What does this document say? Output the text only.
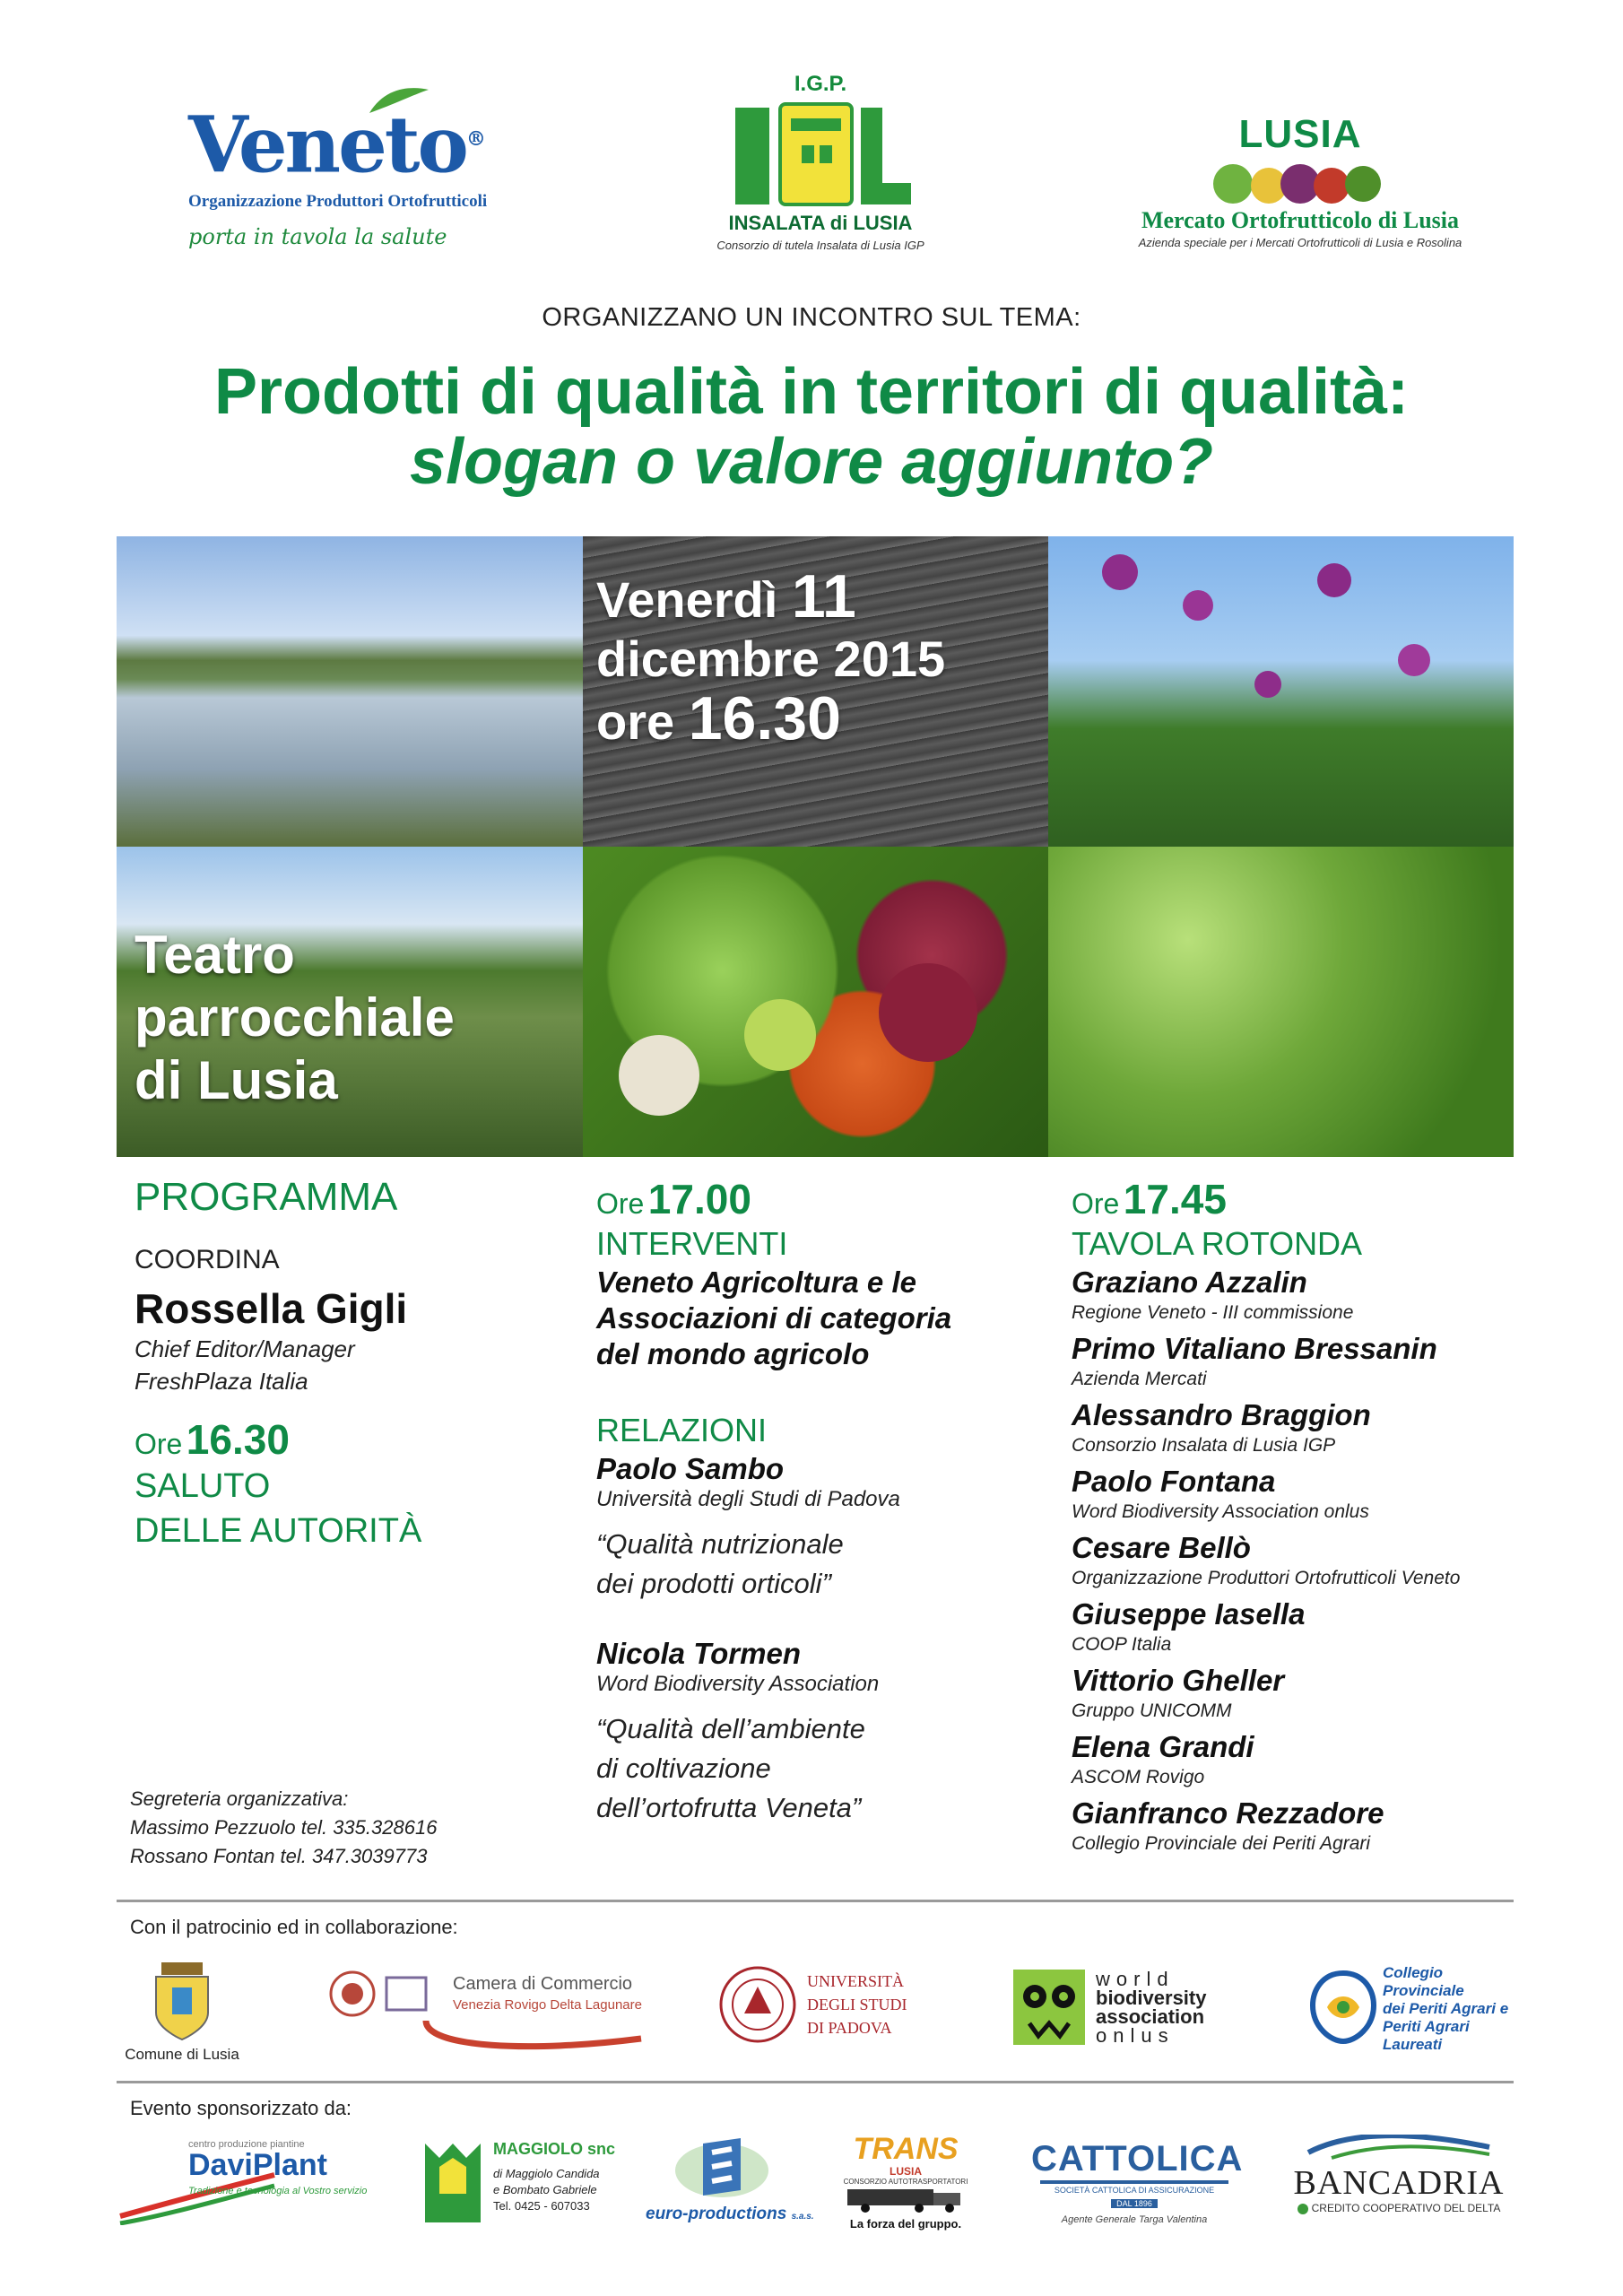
Veneto®
Organizzazione Produttori Ortofrutticoli
porta in tavola la salute
I.G.P.
INSALATA di LUSIA
Consorzio di tutela Insalata di Lusia IGP
LUSIA
Mercato Ortofrutticolo di Lusia
Azienda speciale per i Mercati Ortofrutticoli di Lusia e Rosolina
ORGANIZZANO UN INCONTRO SUL TEMA:
Prodotti di qualità in territori di qualità:
slogan o valore aggiunto?
Venerdì 11
dicembre 2015
ore 16.30
Teatro
parrocchiale
di Lusia
PROGRAMMA
COORDINA
Rossella Gigli
Chief Editor/Manager
FreshPlaza Italia
Ore 16.30
SALUTO
DELLE AUTORITÀ
Ore 17.00
INTERVENTI
Veneto Agricoltura e le
Associazioni di categoria
del mondo agricolo
RELAZIONI
Paolo Sambo
Università degli Studi di Padova
“Qualità nutrizionale
dei prodotti orticoli”
Nicola Tormen
Word Biodiversity Association
“Qualità dell’ambiente
di coltivazione
dell’ortofrutta Veneta”
Ore 17.45
TAVOLA ROTONDA
Graziano Azzalin
Regione Veneto - III commissione
Primo Vitaliano Bressanin
Azienda Mercati
Alessandro Braggion
Consorzio Insalata di Lusia IGP
Paolo Fontana
Word Biodiversity Association onlus
Cesare Bellò
Organizzazione Produttori Ortofrutticoli Veneto
Giuseppe Iasella
COOP Italia
Vittorio Gheller
Gruppo UNICOMM
Elena Grandi
ASCOM Rovigo
Gianfranco Rezzadore
Collegio Provinciale dei Periti Agrari
Segreteria organizzativa:
Massimo Pezzuolo tel. 335.328616
Rossano Fontan tel. 347.3039773
Con il patrocinio ed in collaborazione:
Comune di Lusia
Camera di Commercio
Venezia Rovigo Delta Lagunare
UNIVERSITÀ
DEGLI STUDI
DI PADOVA
world
biodiversity
association
onlus
Collegio
Provinciale
dei Periti Agrari e
Periti Agrari
Laureati
Evento sponsorizzato da:
centro produzione piantine
DaviPlant
Tradizione e tecnologia al Vostro servizio
MAGGIOLO snc
di Maggiolo Candida
e Bombato Gabriele
Tel. 0425 - 607033	euro-productions s.a.s.
TRANS
LUSIA
CONSORZIO AUTOTRASPORTATORI
La forza del gruppo.
CATTOLICA
SOCIETÀ CATTOLICA DI ASSICURAZIONE
DAL 1896
Agente Generale Targa Valentina
BANCADRIA
CREDITO COOPERATIVO DEL DELTA
